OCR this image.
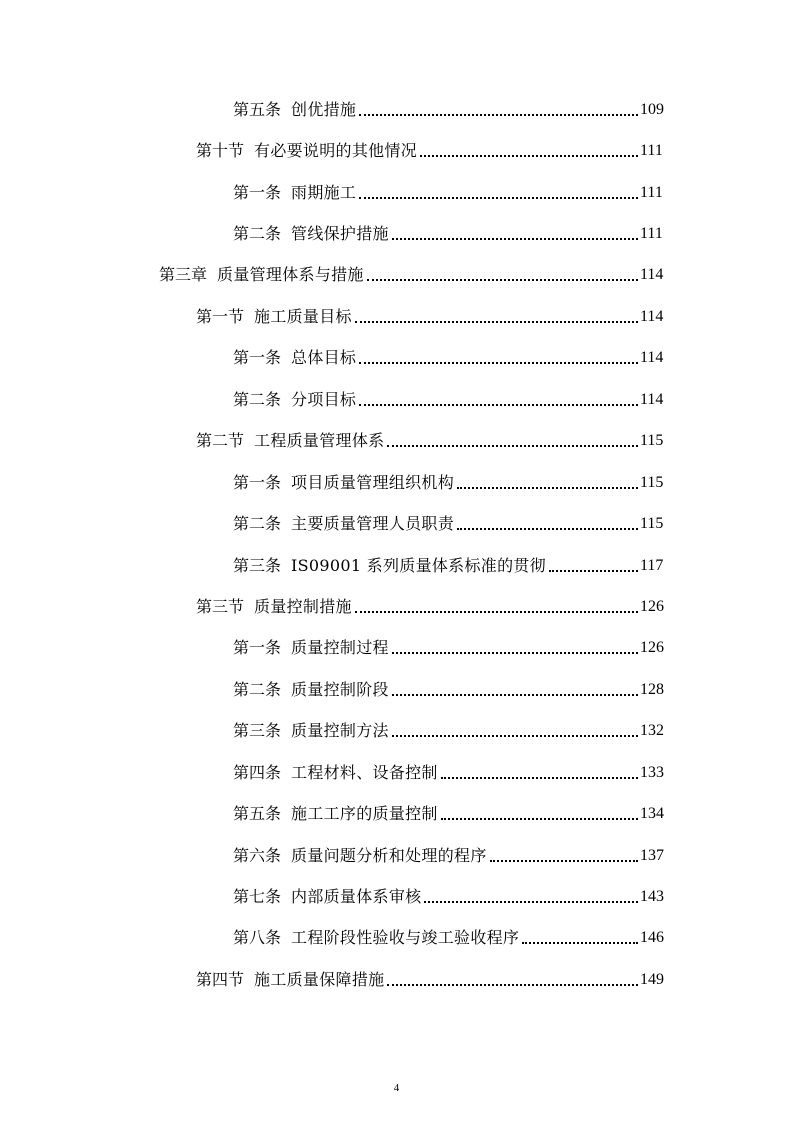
第五条 创优措施	109
第十节 有必要说明的其他情况	111
第一条 雨期施工	111
第二条 管线保护措施	111
第三章 质量管理体系与措施	114
第一节 施工质量目标	114
第一条 总体目标	114
第二条 分项目标	114
第二节 工程质量管理体系	115
第一条 项目质量管理组织机构	115
第二条 主要质量管理人员职责	115
第三条 IS09001 系列质量体系标准的贯彻	117
第三节 质量控制措施	126
第一条 质量控制过程	126
第二条 质量控制阶段	128
第三条 质量控制方法	132
第四条 工程材料、设备控制	133
第五条 施工工序的质量控制	134
第六条 质量问题分析和处理的程序	137
第七条 内部质量体系审核	143
第八条 工程阶段性验收与竣工验收程序	146
第四节 施工质量保障措施	149
4
